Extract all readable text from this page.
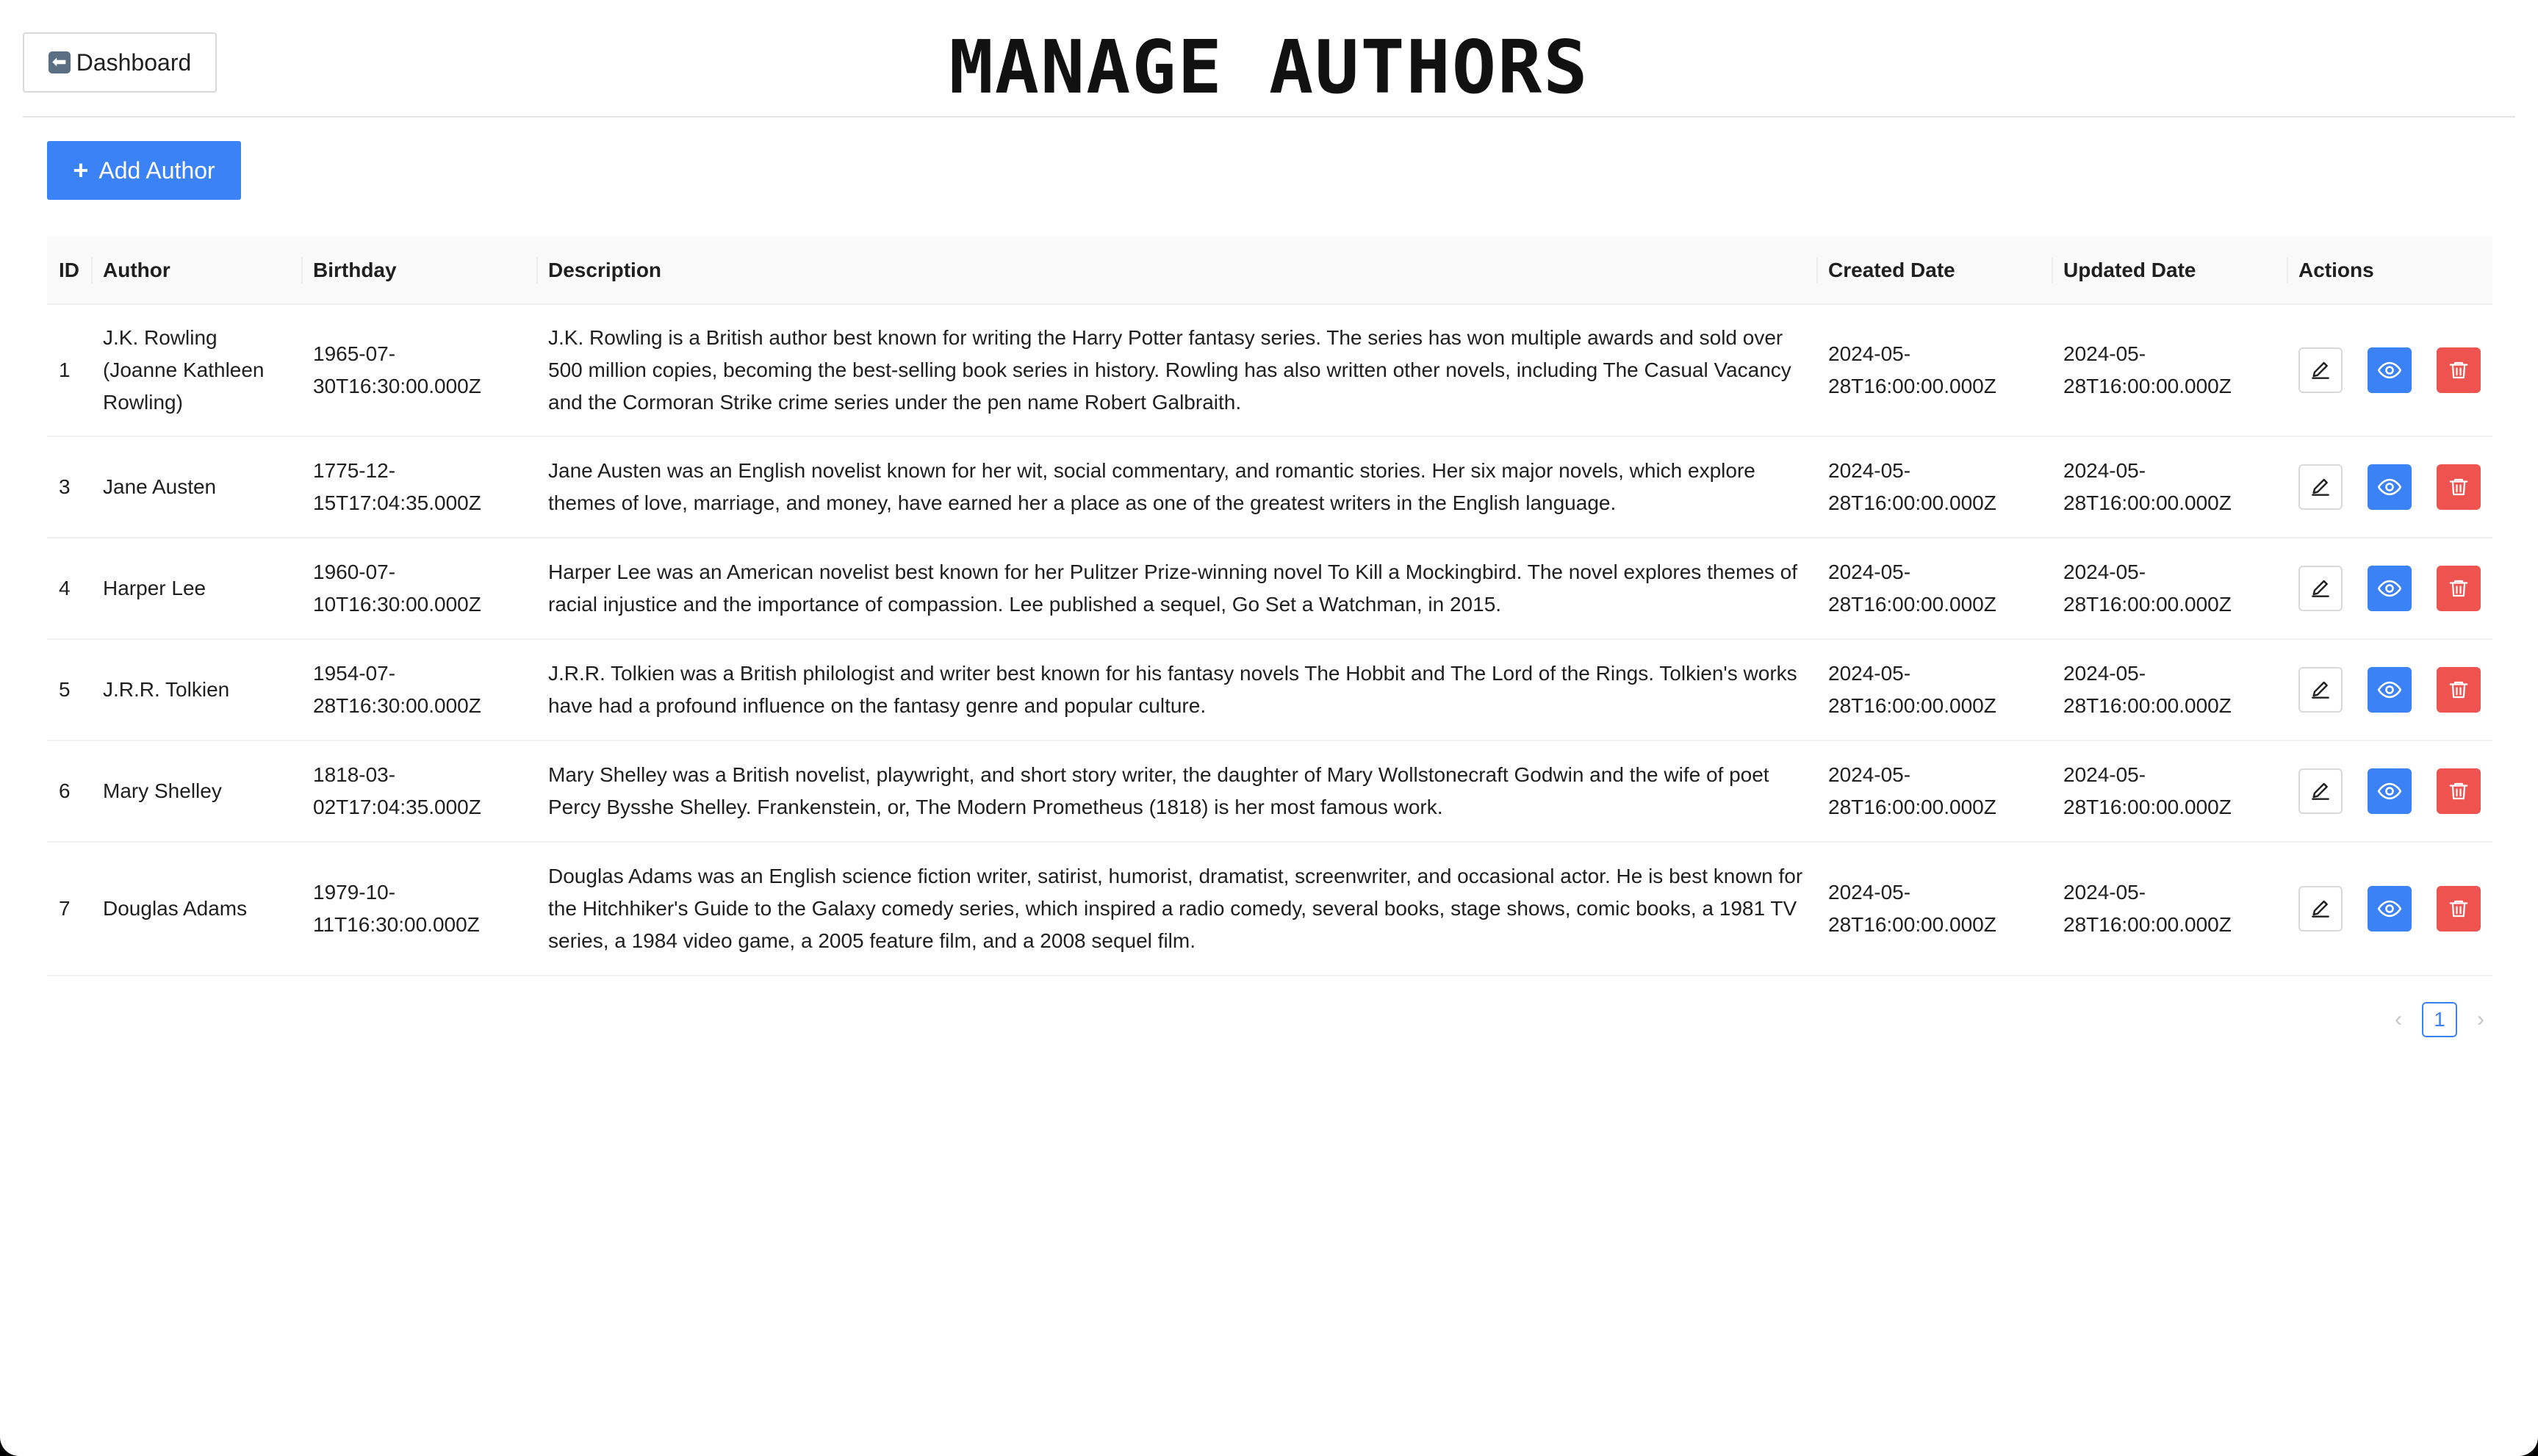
⬅ Dashboard	MANAGE AUTHORS
+ Add Author
ID	Author	Birthday	Description	Created Date	Updated Date	Actions
1	J.K. Rowling (Joanne Kathleen Rowling)	1965-07-30T16:30:00.000Z	J.K. Rowling is a British author best known for writing the Harry Potter fantasy series. The series has won multiple awards and sold over 500 million copies, becoming the best-selling book series in history. Rowling has also written other novels, including The Casual Vacancy and the Cormoran Strike crime series under the pen name Robert Galbraith.	2024-05-28T16:00:00.000Z	2024-05-28T16:00:00.000Z	

3	Jane Austen	1775-12-15T17:04:35.000Z	Jane Austen was an English novelist known for her wit, social commentary, and romantic stories. Her six major novels, which explore themes of love, marriage, and money, have earned her a place as one of the greatest writers in the English language.	2024-05-28T16:00:00.000Z	2024-05-28T16:00:00.000Z	

4	Harper Lee	1960-07-10T16:30:00.000Z	Harper Lee was an American novelist best known for her Pulitzer Prize-winning novel To Kill a Mockingbird. The novel explores themes of racial injustice and the importance of compassion. Lee published a sequel, Go Set a Watchman, in 2015.	2024-05-28T16:00:00.000Z	2024-05-28T16:00:00.000Z	

5	J.R.R. Tolkien	1954-07-28T16:30:00.000Z	J.R.R. Tolkien was a British philologist and writer best known for his fantasy novels The Hobbit and The Lord of the Rings. Tolkien's works have had a profound influence on the fantasy genre and popular culture.	2024-05-28T16:00:00.000Z	2024-05-28T16:00:00.000Z	

6	Mary Shelley	1818-03-02T17:04:35.000Z	Mary Shelley was a British novelist, playwright, and short story writer, the daughter of Mary Wollstonecraft Godwin and the wife of poet Percy Bysshe Shelley. Frankenstein, or, The Modern Prometheus (1818) is her most famous work.	2024-05-28T16:00:00.000Z	2024-05-28T16:00:00.000Z	

7	Douglas Adams	1979-10-11T16:30:00.000Z	Douglas Adams was an English science fiction writer, satirist, humorist, dramatist, screenwriter, and occasional actor. He is best known for the Hitchhiker's Guide to the Galaxy comedy series, which inspired a radio comedy, several books, stage shows, comic books, a 1981 TV series, a 1984 video game, a 2005 feature film, and a 2008 sequel film.	2024-05-28T16:00:00.000Z	2024-05-28T16:00:00.000Z	
‹	1	›
